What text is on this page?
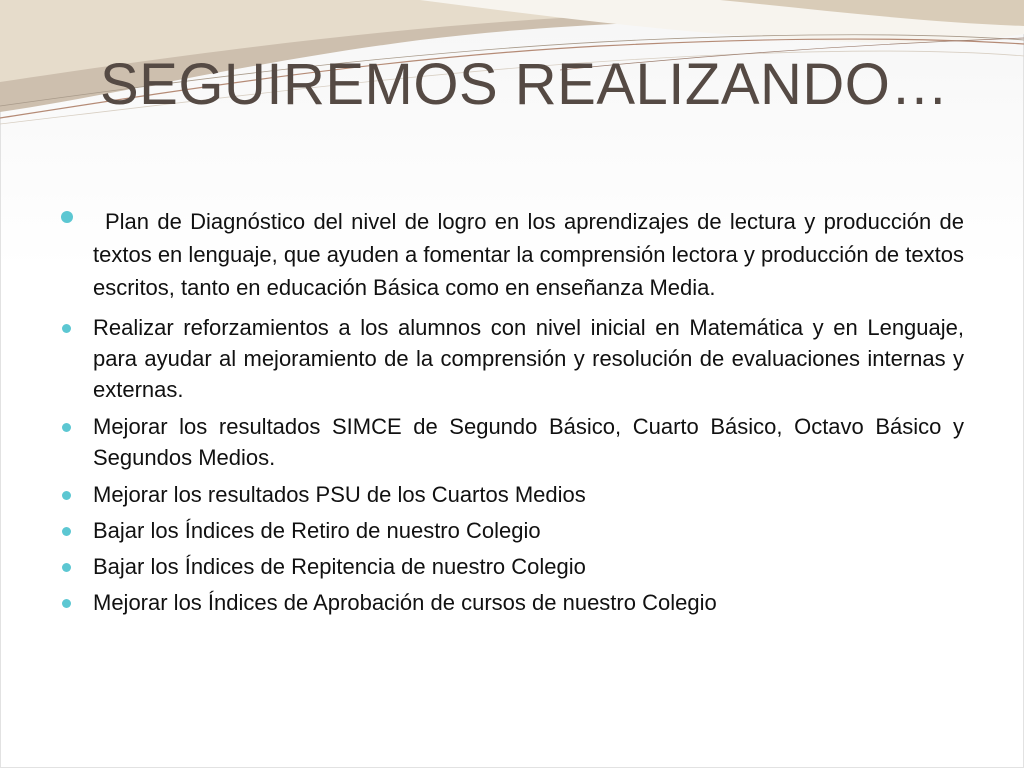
SEGUIREMOS REALIZANDO…
Plan de Diagnóstico del nivel de logro en los aprendizajes de lectura y producción de textos en lenguaje, que ayuden a fomentar la comprensión lectora y producción de textos escritos, tanto en educación Básica como en enseñanza Media.
Realizar reforzamientos a los alumnos con nivel inicial en Matemática y en Lenguaje, para ayudar al mejoramiento de la comprensión y resolución de evaluaciones internas y externas.
Mejorar los resultados SIMCE de Segundo Básico, Cuarto Básico, Octavo Básico y Segundos Medios.
Mejorar los resultados PSU de los Cuartos Medios
Bajar los Índices de Retiro de nuestro Colegio
Bajar los Índices de Repitencia de nuestro Colegio
Mejorar los Índices de Aprobación de cursos de nuestro Colegio
